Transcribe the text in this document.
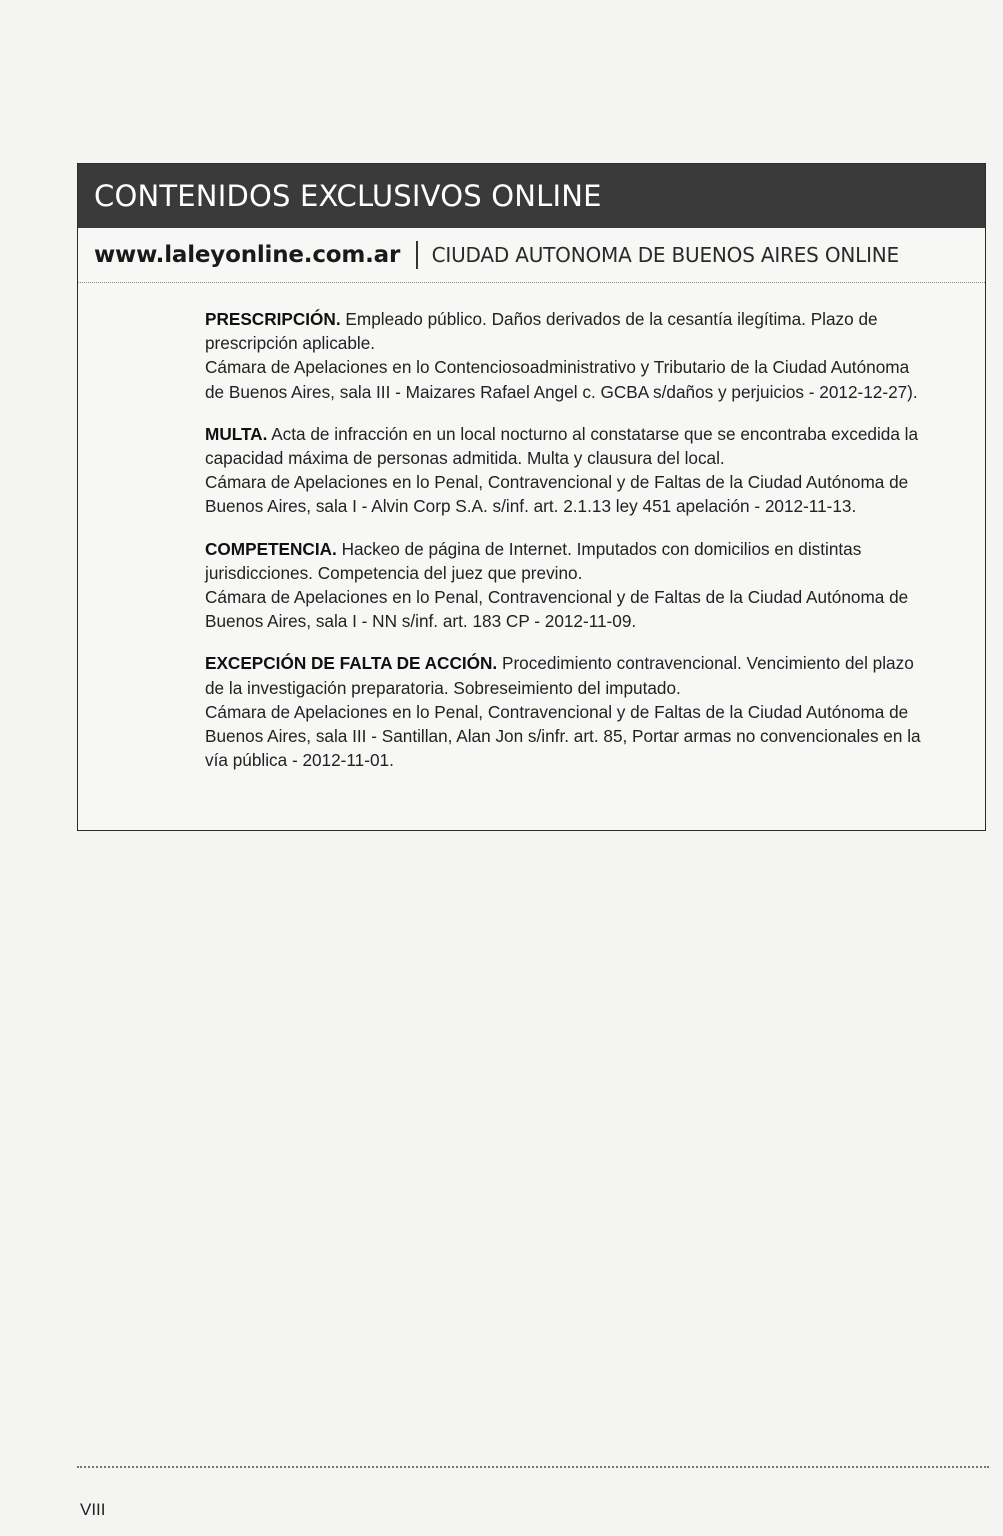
CONTENIDOS EXCLUSIVOS ONLINE
www.laleyonline.com.ar CIUDAD AUTONOMA DE BUENOS AIRES ONLINE

PRESCRIPCIÓN. Empleado público. Daños derivados de la cesantía ilegítima. Plazo de prescripción aplicable.

Cámara de Apelaciones en lo Contenciosoadministrativo y Tributario de la Ciudad Autónoma de Buenos Aires, sala III - Maizares Rafael Angel c. GCBA s/daños y perjuicios - 2012-12-27).

MULTA. Acta de infracción en un local nocturno al constatarse que se encontraba excedida la capacidad máxima de personas admitida. Multa y clausura del local.

Cámara de Apelaciones en lo Penal, Contravencional y de Faltas de la Ciudad Autónoma de Buenos Aires, sala I - Alvin Corp S.A. s/inf. art. 2.1.13 ley 451 apelación - 2012-11-13.

COMPETENCIA. Hackeo de página de Internet. Imputados con domicilios en distintas jurisdicciones. Competencia del juez que previno.

Cámara de Apelaciones en lo Penal, Contravencional y de Faltas de la Ciudad Autónoma de Buenos Aires, sala I - NN s/inf. art. 183 CP - 2012-11-09.

EXCEPCIÓN DE FALTA DE ACCIÓN. Procedimiento contravencional. Vencimiento del plazo de la investigación preparatoria. Sobreseimiento del imputado.

Cámara de Apelaciones en lo Penal, Contravencional y de Faltas de la Ciudad Autónoma de Buenos Aires, sala III - Santillan, Alan Jon s/infr. art. 85, Portar armas no convencionales en la vía pública - 2012-11-01.

VIII
